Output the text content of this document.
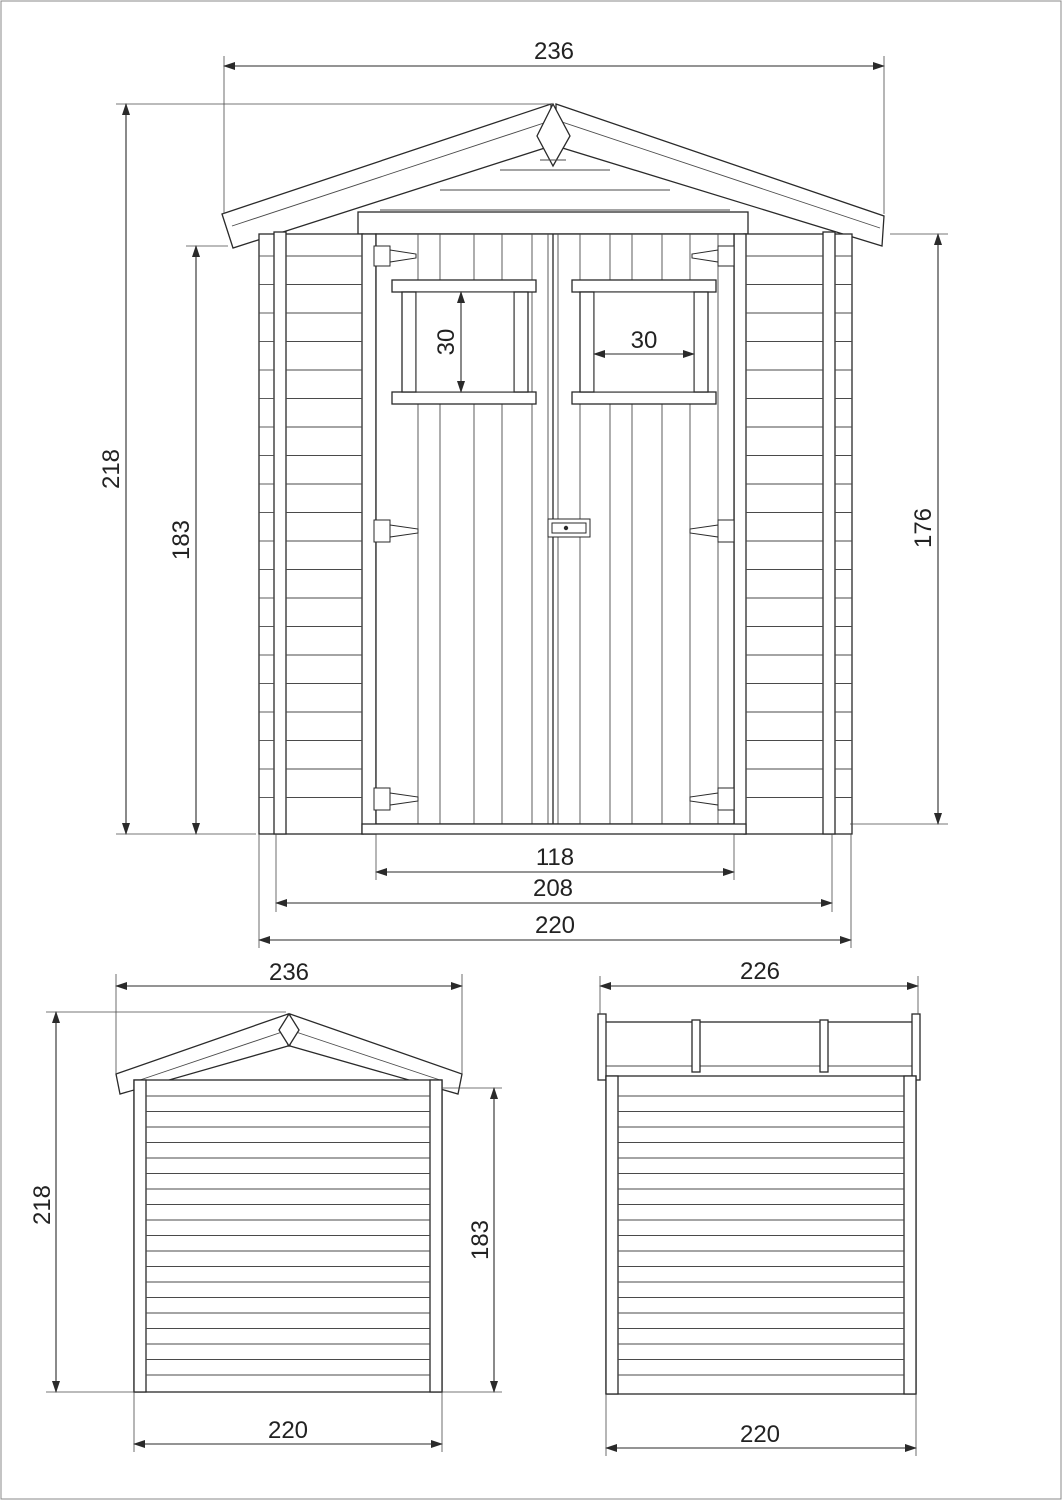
236
218
183	176
30	30
118
208
220
236
218
183
220
226
220
